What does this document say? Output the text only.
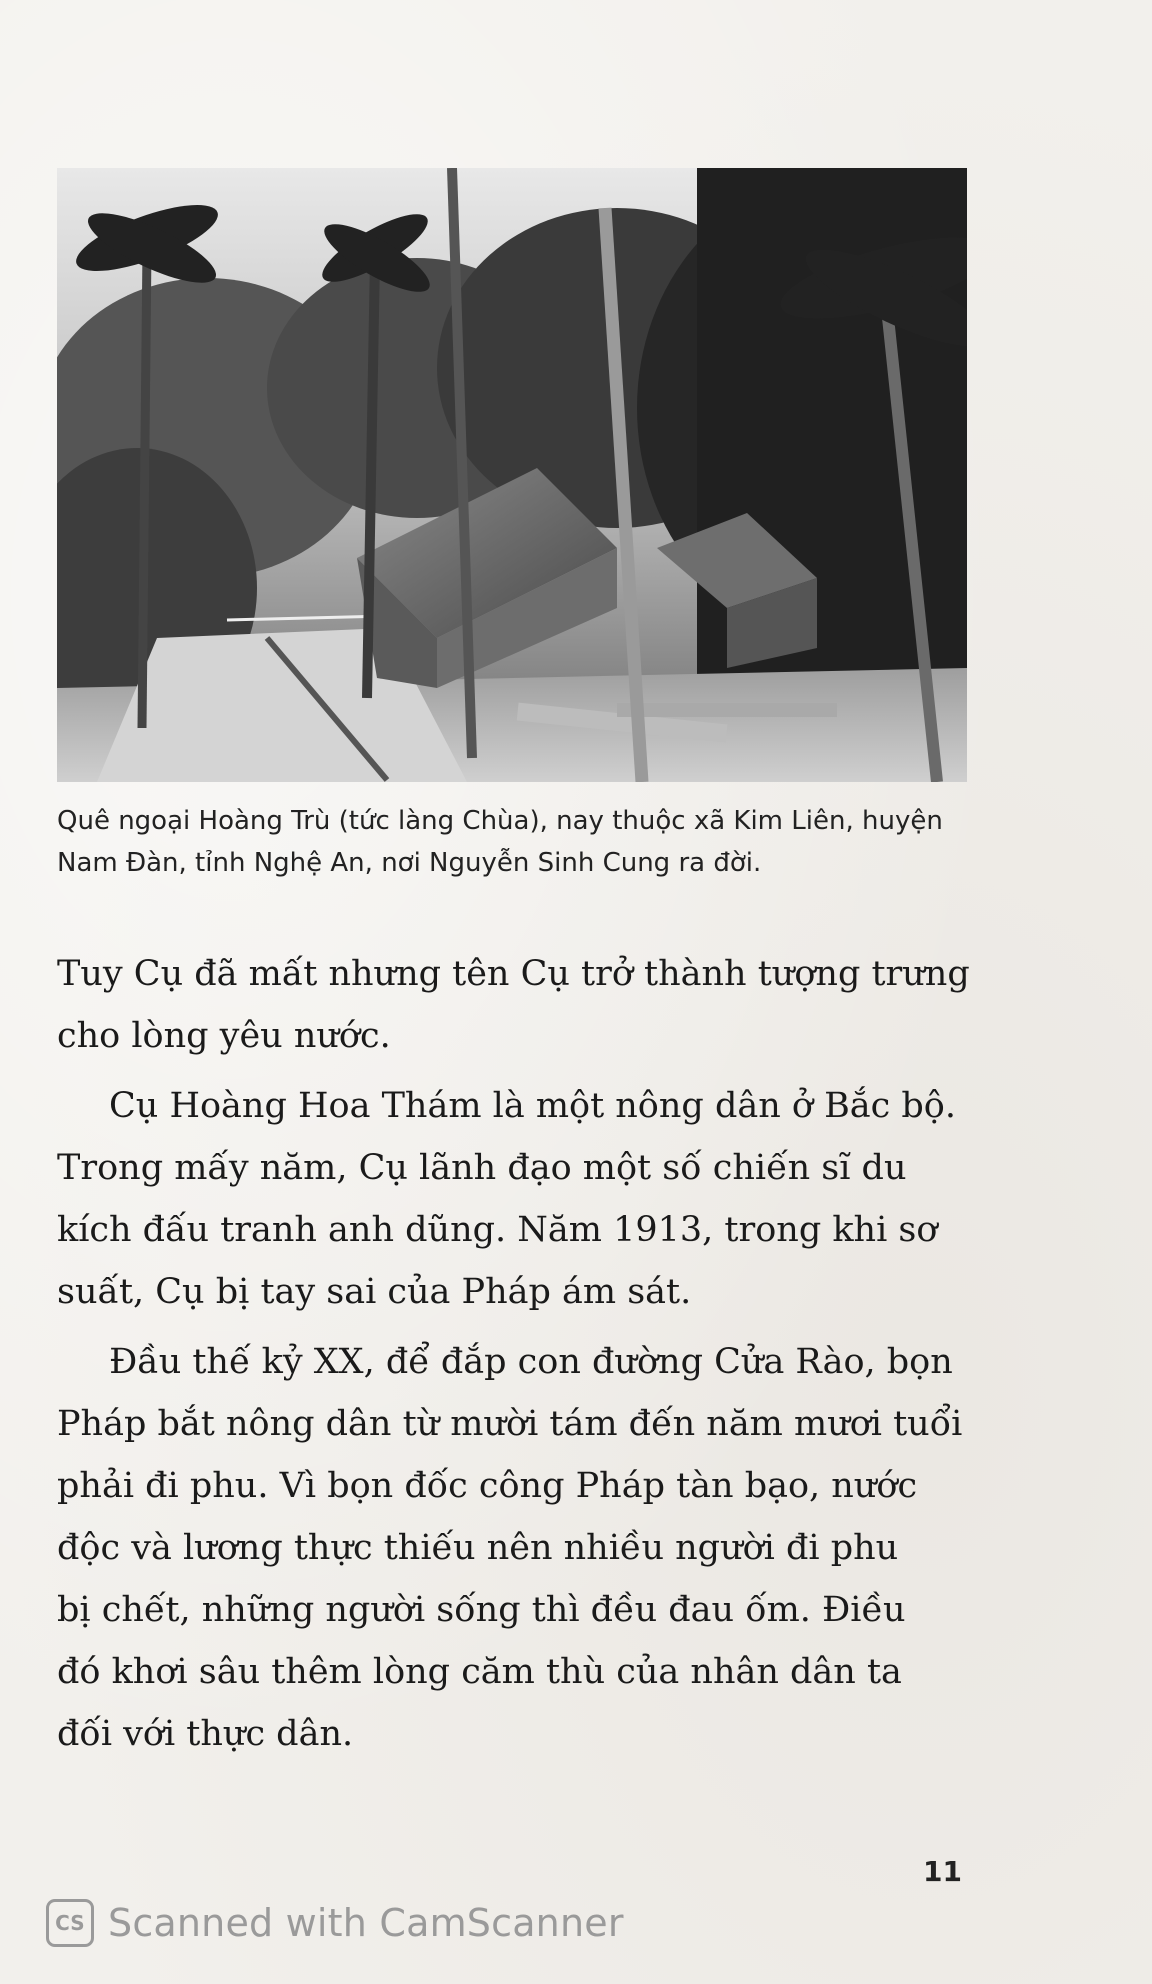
Quê ngoại Hoàng Trù (tức làng Chùa), nay thuộc xã Kim Liên, huyện

Nam Đàn, tỉnh Nghệ An, nơi Nguyễn Sinh Cung ra đời.

Tuy Cụ đã mất nhưng tên Cụ trở thành tượng trưng
cho lòng yêu nước.

Cụ Hoàng Hoa Thám là một nông dân ở Bắc bộ.
Trong mấy năm, Cụ lãnh đạo một số chiến sĩ du
kích đấu tranh anh dũng. Năm 1913, trong khi sơ
suất, Cụ bị tay sai của Pháp ám sát.

Đầu thế kỷ XX, để đắp con đường Cửa Rào, bọn
Pháp bắt nông dân từ mười tám đến năm mươi tuổi
phải đi phu. Vì bọn đốc công Pháp tàn bạo, nước
độc và lương thực thiếu nên nhiều người đi phu
bị chết, những người sống thì đều đau ốm. Điều
đó khơi sâu thêm lòng căm thù của nhân dân ta
đối với thực dân.

11
CS Scanned with CamScanner
